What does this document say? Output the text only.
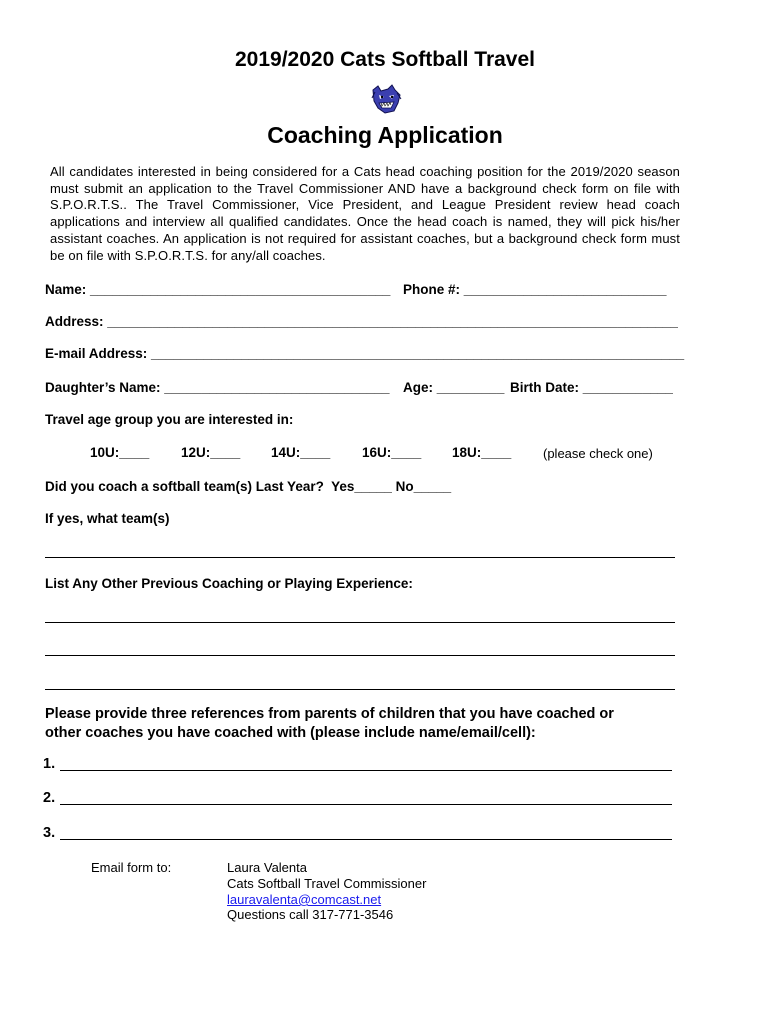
2019/2020 Cats Softball Travel
Coaching Application
All candidates interested in being considered for a Cats head coaching position for the 2019/2020 season must submit an application to the Travel Commissioner AND have a background check form on file with S.P.O.R.T.S.. The Travel Commissioner, Vice President, and League President review head coach applications and interview all qualified candidates. Once the head coach is named, they will pick his/her assistant coaches. An application is not required for assistant coaches, but a background check form must be on file with S.P.O.R.T.S. for any/all coaches.
Name: ________________________________________ Phone #: ___________________________
Address: ____________________________________________________________________________
E-mail Address: _______________________________________________________________________
Daughter’s Name: ______________________________ Age: _________ Birth Date: ____________
Travel age group you are interested in:
10U:____ 12U:____ 14U:____ 16U:____ 18U:____ (please check one)
Did you coach a softball team(s) Last Year?  Yes_____ No_____
If yes, what team(s)
List Any Other Previous Coaching or Playing Experience:
Please provide three references from parents of children that you have coached or
other coaches you have coached with (please include name/email/cell):
1.
2.
3.
Email form to:	Laura Valenta
Cats Softball Travel Commissioner
lauravalenta@comcast.net
Questions call 317-771-3546
